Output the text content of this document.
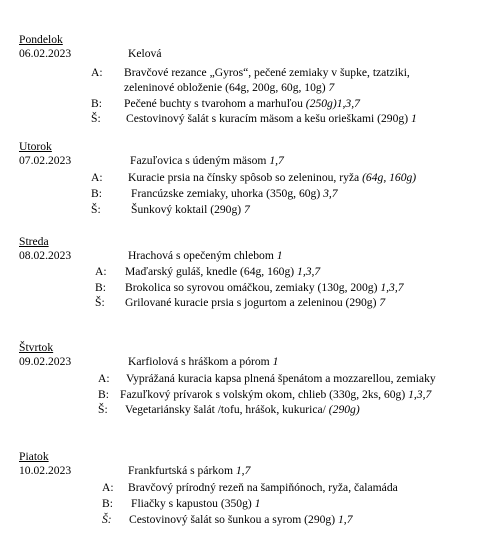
Pondelok
06.02.2023	Kelová
A: Bravčové rezance „Gyros“, pečené zemiaky v šupke, tzatziki,
zeleninové obloženie (64g, 200g, 60g, 10g) 7
B: Pečené buchty s tvarohom a marhuľou (250g)1,3,7
Š: Cestovinový šalát s kuracím mäsom a kešu orieškami (290g) 1
Utorok
07.02.2023	Fazuľovica s údeným mäsom 1,7
A: Kuracie prsia na čínsky spôsob so zeleninou, ryža (64g, 160g)
B:	Francúzske zemiaky, uhorka (350g, 60g) 3,7
Š:	Šunkový koktail (290g) 7
Streda
08.02.2023	Hrachová s opečeným chlebom 1
A: Maďarský guláš, knedle (64g, 160g) 1,3,7
B: Brokolica so syrovou omáčkou, zemiaky (130g, 200g) 1,3,7
Š: Grilované kuracie prsia s jogurtom a zeleninou (290g) 7
Štvrtok
09.02.2023	Karfiolová s hráškom a pórom 1
A: Vyprážaná kuracia kapsa plnená špenátom a mozzarellou, zemiaky
B: Fazuľkový prívarok s volským okom, chlieb (330g, 2ks, 60g) 1,3,7
Š: Vegetariánsky šalát /tofu, hrášok, kukurica/ (290g)
Piatok
10.02.2023	Frankfurtská s párkom 1,7
A: Bravčový prírodný rezeň na šampiňónoch, ryža, čalamáda
B: Fliačky s kapustou (350g) 1
Š: Cestovinový šalát so šunkou a syrom (290g) 1,7
